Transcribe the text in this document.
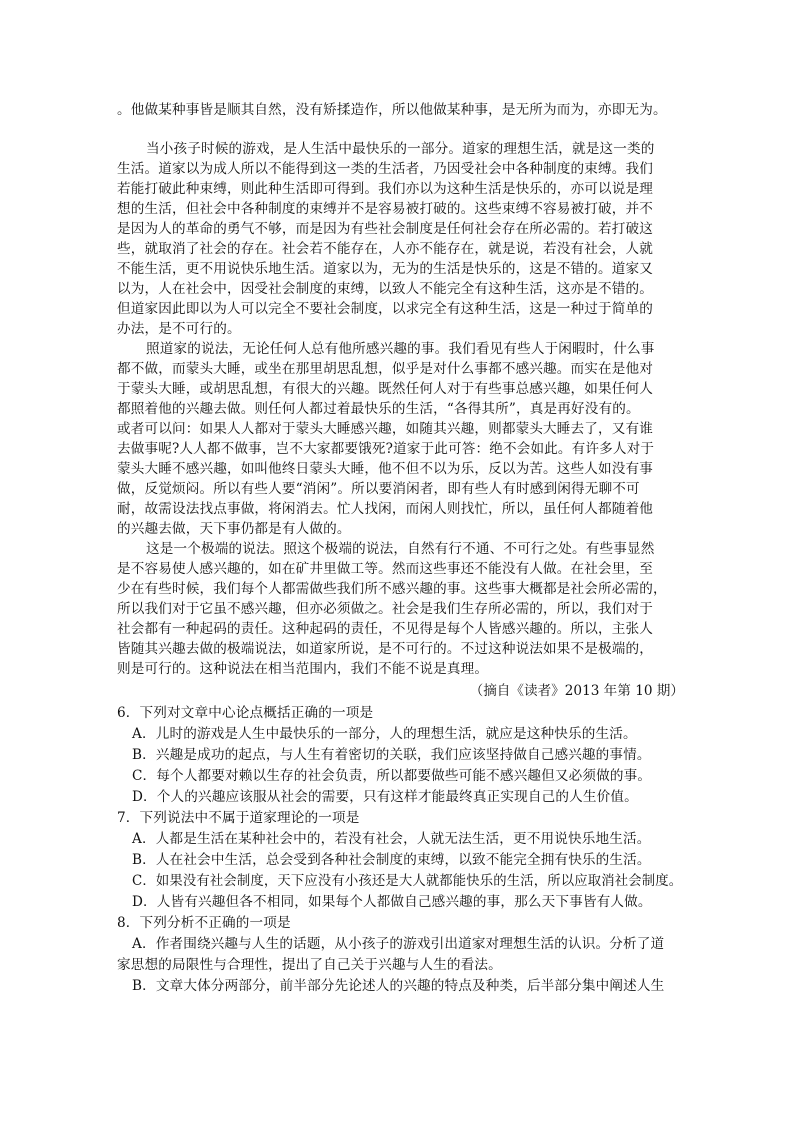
。他做某种事皆是顺其自然，没有矫揉造作，所以他做某种事，是无所为而为，亦即无为。
当小孩子时候的游戏，是人生活中最快乐的一部分。道家的理想生活，就是这一类的
生活。道家以为成人所以不能得到这一类的生活者，乃因受社会中各种制度的束缚。我们
若能打破此种束缚，则此种生活即可得到。我们亦以为这种生活是快乐的，亦可以说是理
想的生活，但社会中各种制度的束缚并不是容易被打破的。这些束缚不容易被打破，并不
是因为人的革命的勇气不够，而是因为有些社会制度是任何社会存在所必需的。若打破这
些，就取消了社会的存在。社会若不能存在，人亦不能存在，就是说，若没有社会，人就
不能生活，更不用说快乐地生活。道家以为，无为的生活是快乐的，这是不错的。道家又
以为，人在社会中，因受社会制度的束缚，以致人不能完全有这种生活，这亦是不错的。
但道家因此即以为人可以完全不要社会制度，以求完全有这种生活，这是一种过于简单的
办法，是不可行的。
照道家的说法，无论任何人总有他所感兴趣的事。我们看见有些人于闲暇时，什么事
都不做，而蒙头大睡，或坐在那里胡思乱想，似乎是对什么事都不感兴趣。而实在是他对
于蒙头大睡，或胡思乱想，有很大的兴趣。既然任何人对于有些事总感兴趣，如果任何人
都照着他的兴趣去做。则任何人都过着最快乐的生活，“各得其所”，真是再好没有的。
或者可以问：如果人人都对于蒙头大睡感兴趣，如随其兴趣，则都蒙头大睡去了，又有谁
去做事呢?人人都不做事，岂不大家都要饿死?道家于此可答：绝不会如此。有许多人对于
蒙头大睡不感兴趣，如叫他终日蒙头大睡，他不但不以为乐，反以为苦。这些人如没有事
做，反觉烦闷。所以有些人要“消闲”。所以要消闲者，即有些人有时感到闲得无聊不可
耐，故需设法找点事做，将闲消去。忙人找闲，而闲人则找忙，所以，虽任何人都随着他
的兴趣去做，天下事仍都是有人做的。
这是一个极端的说法。照这个极端的说法，自然有行不通、不可行之处。有些事显然
是不容易使人感兴趣的，如在矿井里做工等。然而这些事还不能没有人做。在社会里，至
少在有些时候，我们每个人都需做些我们所不感兴趣的事。这些事大概都是社会所必需的，
所以我们对于它虽不感兴趣，但亦必须做之。社会是我们生存所必需的，所以，我们对于
社会都有一种起码的责任。这种起码的责任，不见得是每个人皆感兴趣的。所以，主张人
皆随其兴趣去做的极端说法，如道家所说，是不可行的。不过这种说法如果不是极端的，
则是可行的。这种说法在相当范围内，我们不能不说是真理。
（摘自《读者》2013 年第 10 期）
6．下列对文章中心论点概括正确的一项是
A．儿时的游戏是人生中最快乐的一部分，人的理想生活，就应是这种快乐的生活。
B．兴趣是成功的起点，与人生有着密切的关联，我们应该坚持做自己感兴趣的事情。
C．每个人都要对赖以生存的社会负责，所以都要做些可能不感兴趣但又必须做的事。
D．个人的兴趣应该服从社会的需要，只有这样才能最终真正实现自己的人生价值。
7．下列说法中不属于道家理论的一项是
A．人都是生活在某种社会中的，若没有社会，人就无法生活，更不用说快乐地生活。
B．人在社会中生活，总会受到各种社会制度的束缚，以致不能完全拥有快乐的生活。
C．如果没有社会制度，天下应没有小孩还是大人就都能快乐的生活，所以应取消社会制度。
D．人皆有兴趣但各不相同，如果每个人都做自己感兴趣的事，那么天下事皆有人做。
8．下列分析不正确的一项是
A．作者围绕兴趣与人生的话题，从小孩子的游戏引出道家对理想生活的认识。分析了道
家思想的局限性与合理性，提出了自己关于兴趣与人生的看法。
B．文章大体分两部分，前半部分先论述人的兴趣的特点及种类，后半部分集中阐述人生
